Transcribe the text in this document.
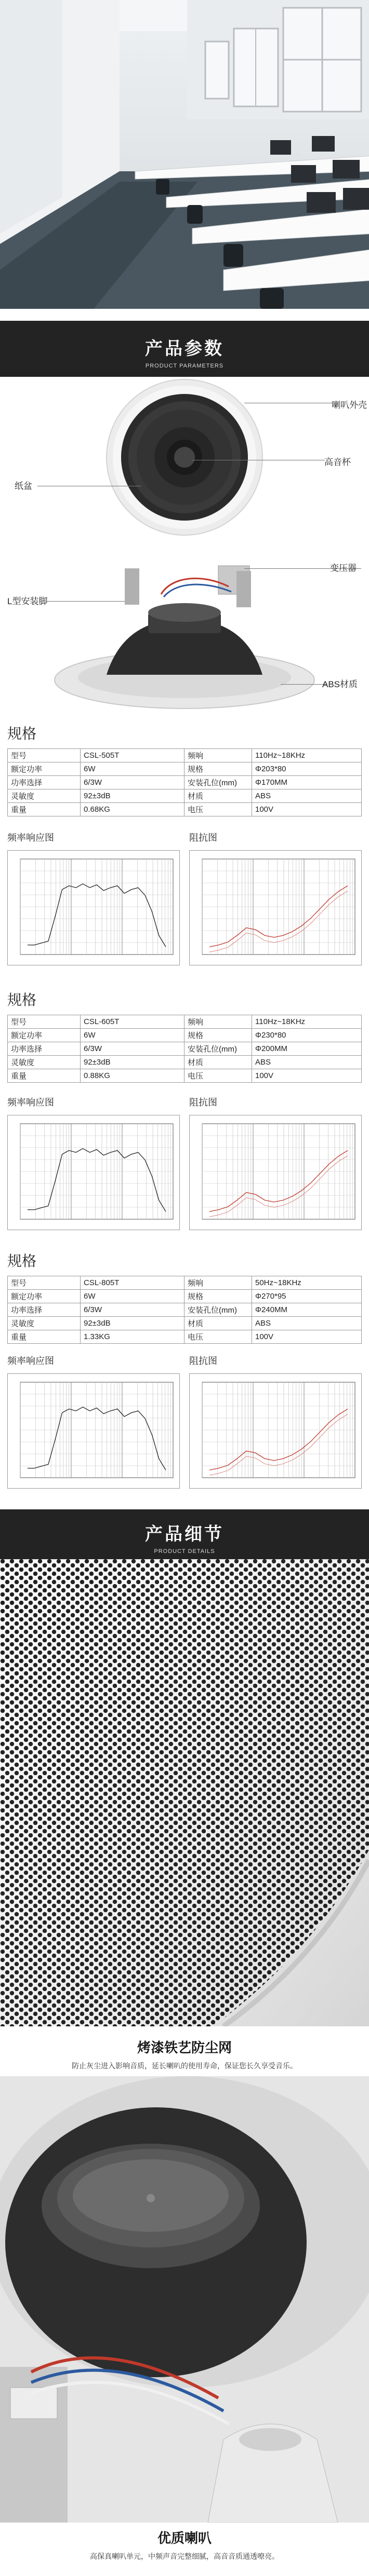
产品参数
PRODUCT PARAMETERS
喇叭外壳
高音杯
纸盆
变压器
L型安装脚
ABS材质
规格
型号	CSL-505T	频响	110Hz~18KHz
额定功率	6W	规格	Φ203*80
功率选择	6/3W	安装孔位(mm)	Φ170MM
灵敏度	92±3dB	材质	ABS
重量	0.68KG	电压	100V
频率响应图	阻抗图
规格
型号	CSL-605T	频响	110Hz~18KHz
额定功率	6W	规格	Φ230*80
功率选择	6/3W	安装孔位(mm)	Φ200MM
灵敏度	92±3dB	材质	ABS
重量	0.88KG	电压	100V
频率响应图	阻抗图
规格
型号	CSL-805T	频响	50Hz~18KHz
额定功率	6W	规格	Φ270*95
功率选择	6/3W	安装孔位(mm)	Φ240MM
灵敏度	92±3dB	材质	ABS
重量	1.33KG	电压	100V
频率响应图	阻抗图
产品细节
PRODUCT DETAILS
烤漆铁艺防尘网
防止灰尘进入影响音质，延长喇叭的使用寿命，保证您长久享受音乐。
优质喇叭
高保真喇叭单元，中频声音完整细腻，高音音质通透嘹亮。
